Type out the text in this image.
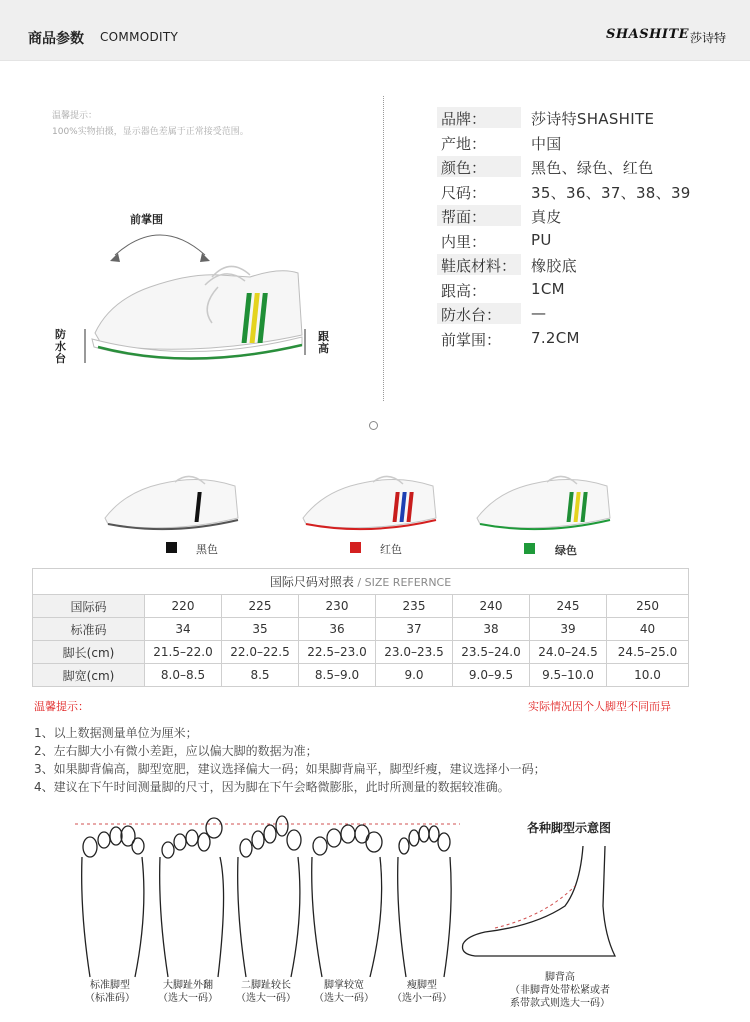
商品参数 COMMODITY	SHASHITE 莎诗特
温馨提示：
100%实物拍摄，显示器色差属于正常接受范围。
前掌围
防水台
跟高
品牌：	莎诗特SHASHITE
产地：	中国
颜色：	黑色、绿色、红色
尺码：	35、36、37、38、39
帮面：	真皮
内里：	PU
鞋底材料： 橡胶底
跟高：	1CM
防水台：	—
前掌围：	7.2CM
黑色	红色	绿色
国际尺码对照表 / SIZE REFERNCE							
国际码	220	225	230	235	240	245	250
标准码	34	35	36	37	38	39	40
脚长(cm)	21.5–22.0	22.0–22.5	22.5–23.0	23.0–23.5	23.5–24.0	24.0–24.5	24.5–25.0
脚宽(cm)	8.0–8.5	8.5	8.5–9.0	9.0	9.0–9.5	9.5–10.0	10.0
温馨提示：	实际情况因个人脚型不同而异
1、以上数据测量单位为厘米；
2、左右脚大小有微小差距，应以偏大脚的数据为准；
3、如果脚背偏高，脚型宽肥，建议选择偏大一码；如果脚背扁平，脚型纤瘦，建议选择小一码；
4、建议在下午时间测量脚的尺寸，因为脚在下午会略微膨胀，此时所测量的数据较准确。
各种脚型示意图
标准脚型
（标准码）
大脚趾外翻
（选大一码）
二脚趾较长
（选大一码）
脚掌较宽
（选大一码）
瘦脚型
（选小一码）
脚背高
（非脚背处带松紧或者
系带款式则选大一码）
